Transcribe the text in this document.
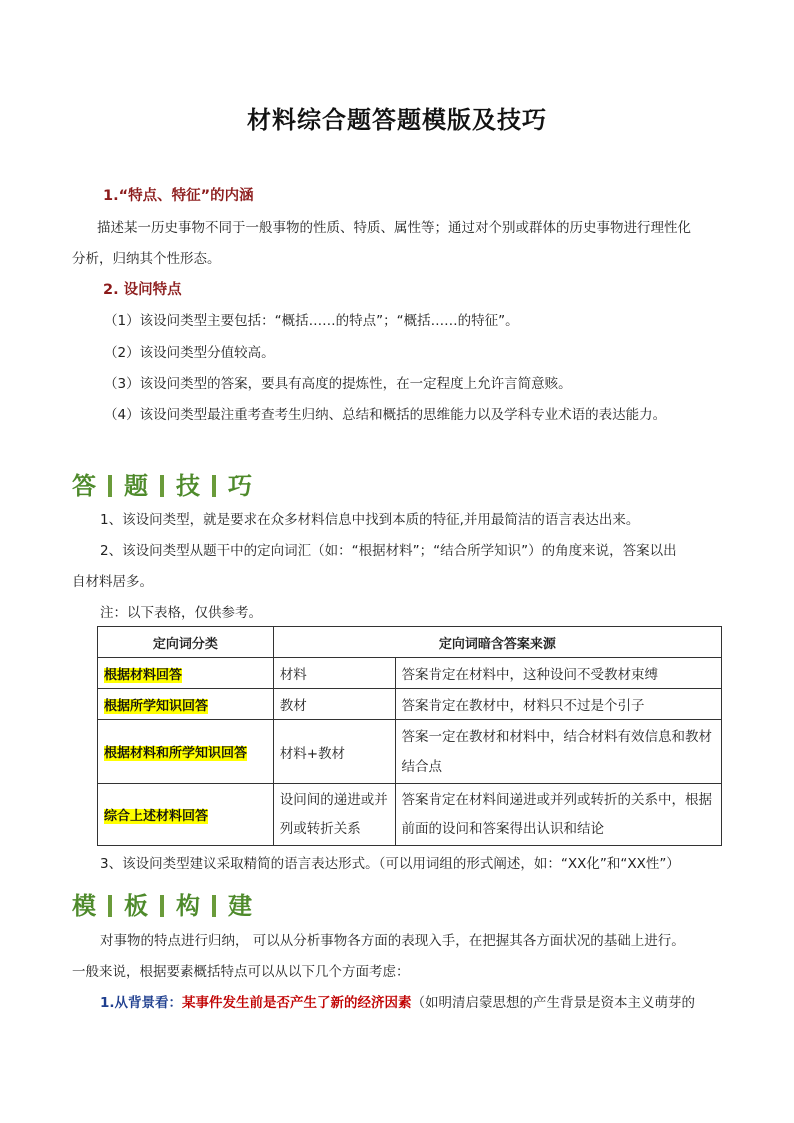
材料综合题答题模版及技巧
1.“特点、特征”的内涵
描述某一历史事物不同于一般事物的性质、特质、属性等；通过对个别或群体的历史事物进行理性化
分析，归纳其个性形态。
2. 设问特点
（1）该设问类型主要包括：“概括……的特点”；“概括……的特征”。
（2）该设问类型分值较高。
（3）该设问类型的答案，要具有高度的提炼性，在一定程度上允许言简意赅。
（4）该设问类型最注重考查考生归纳、总结和概括的思维能力以及学科专业术语的表达能力。
答 题 技 巧
1、该设问类型，就是要求在众多材料信息中找到本质的特征,并用最简洁的语言表达出来。
2、该设问类型从题干中的定向词汇（如：“根据材料”；“结合所学知识”）的角度来说，答案以出
自材料居多。
注：以下表格，仅供参考。
定向词分类	定向词暗含答案来源	
根据材料回答	材料	答案肯定在材料中，这种设问不受教材束缚
根据所学知识回答	教材	答案肯定在教材中，材料只不过是个引子
根据材料和所学知识回答	材料+教材	答案一定在教材和材料中，结合材料有效信息和教材结合点
综合上述材料回答	设问间的递进或并列或转折关系	答案肯定在材料间递进或并列或转折的关系中，根据前面的设问和答案得出认识和结论
3、该设问类型建议采取精简的语言表达形式。（可以用词组的形式阐述，如：“XX化”和“XX性”）
模 板 构 建
对事物的特点进行归纳， 可以从分析事物各方面的表现入手，在把握其各方面状况的基础上进行。
一般来说，根据要素概括特点可以从以下几个方面考虑：
1.从背景看：某事件发生前是否产生了新的经济因素（如明清启蒙思想的产生背景是资本主义萌芽的
